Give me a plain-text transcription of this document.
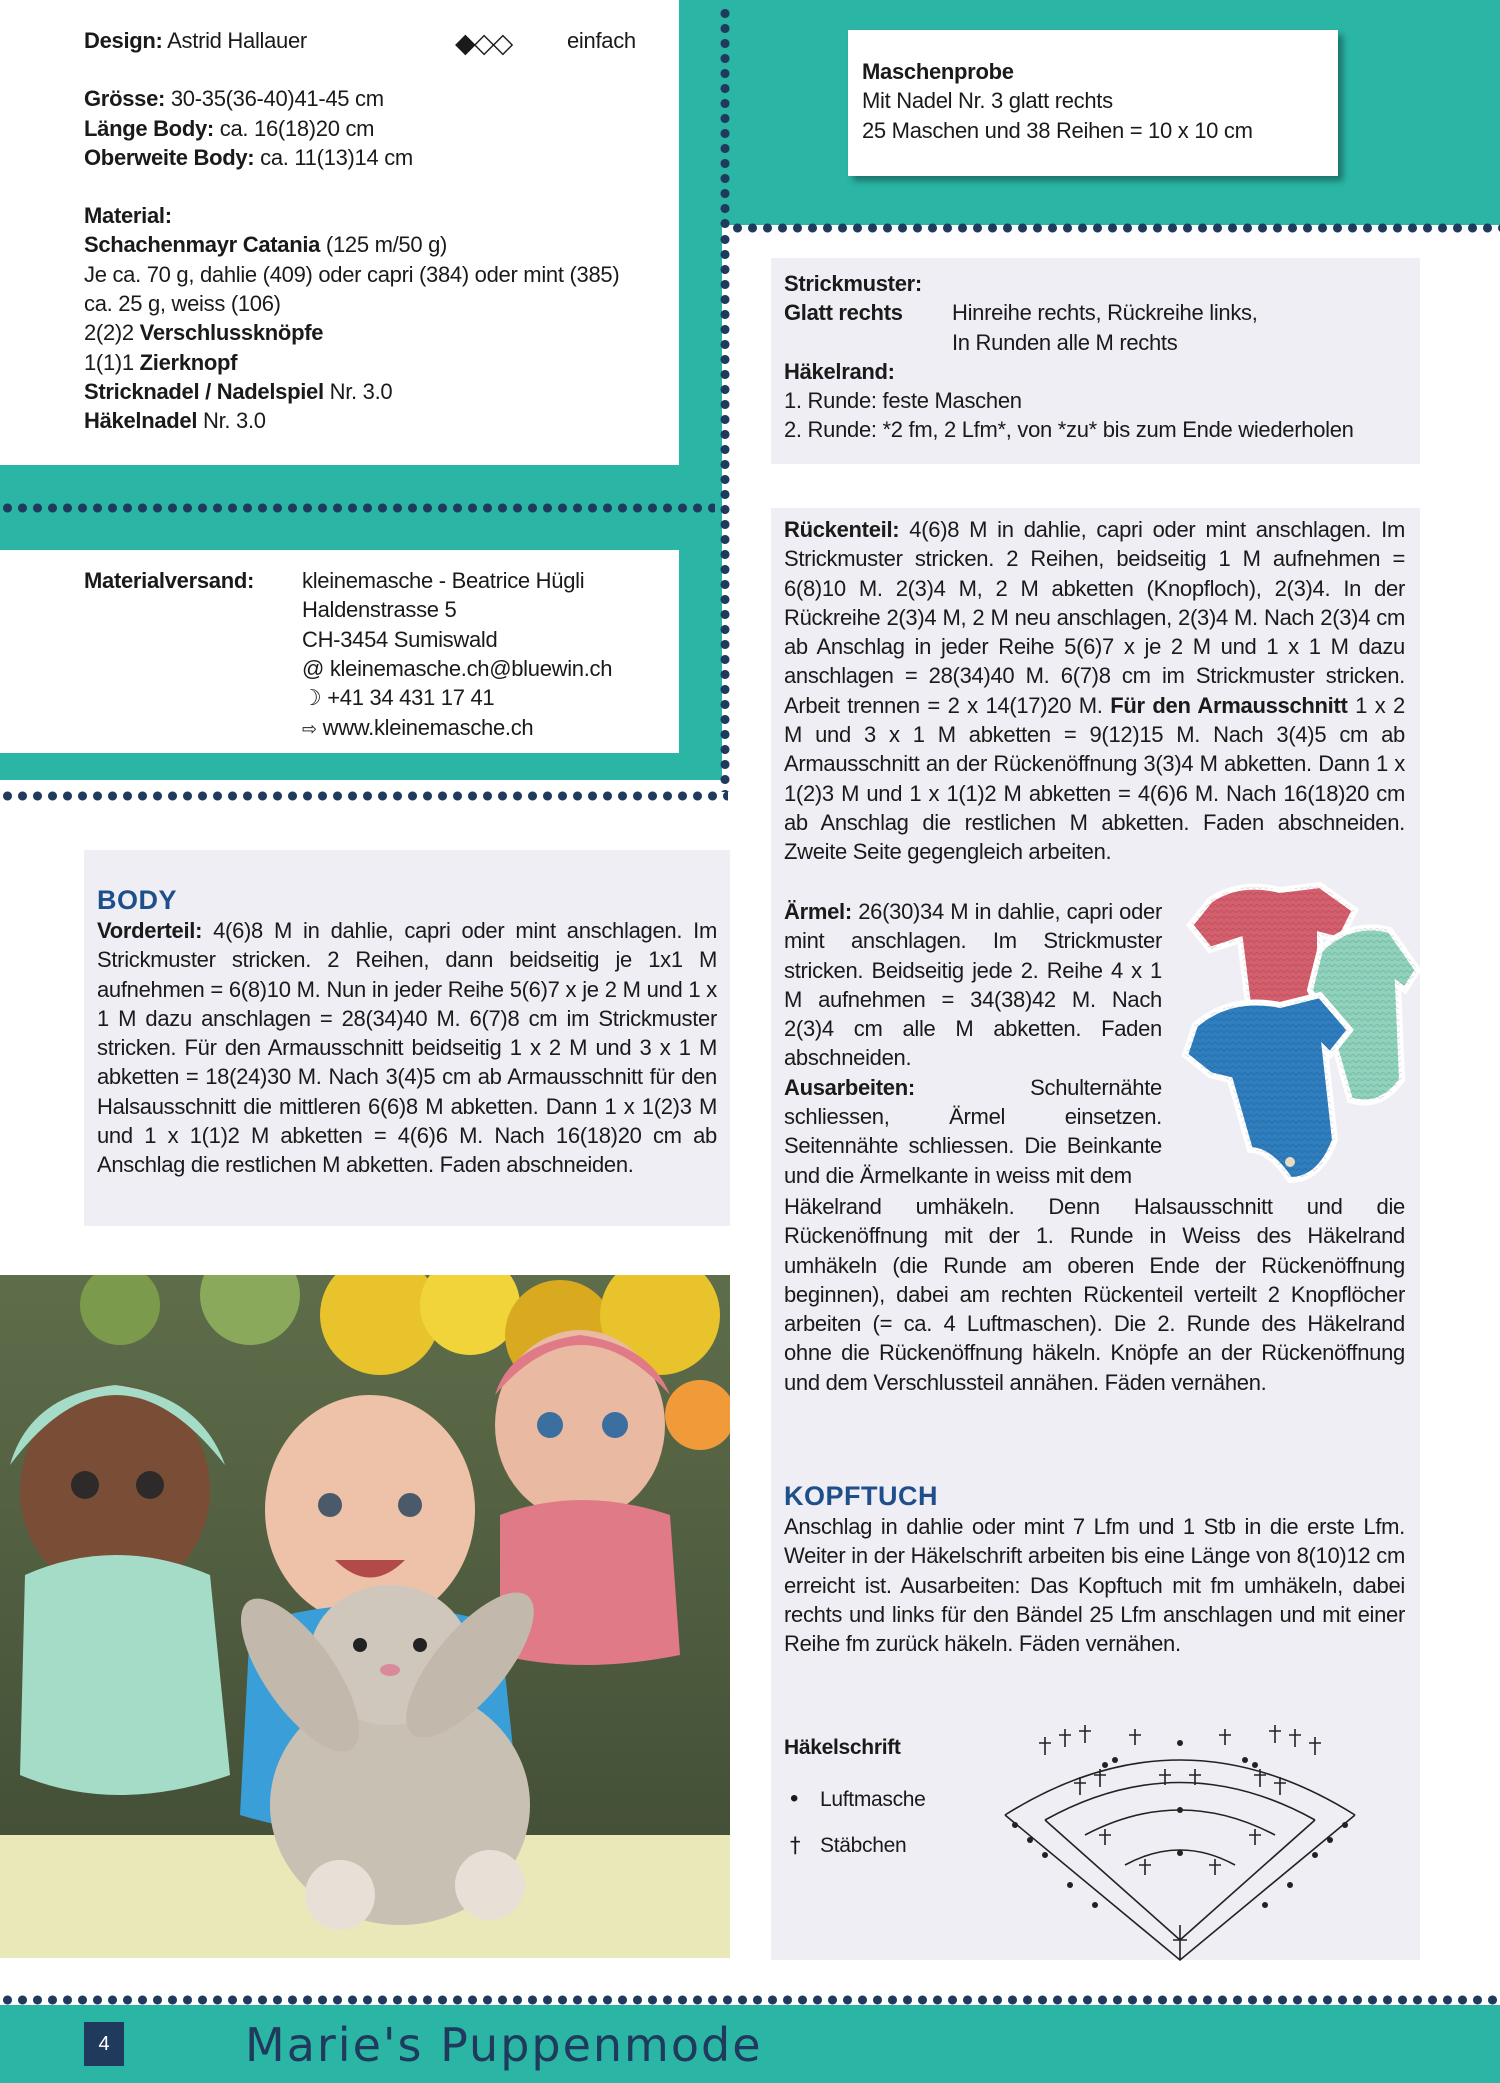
Design: Astrid Hallauer

Grösse: 30-35(36-40)41-45 cm

Länge Body: ca. 16(18)20 cm

Oberweite Body: ca. 11(13)14 cm

Material:

Schachenmayr Catania (125 m/50 g)

Je ca. 70 g, dahlie (409) oder capri (384) oder mint (385)

ca. 25 g, weiss (106)

2(2)2 Verschlussknöpfe

1(1)1 Zierknopf

Stricknadel / Nadelspiel Nr. 3.0

Häkelnadel Nr. 3.0

◆◇◇	einfach

Maschenprobe

Mit Nadel Nr. 3 glatt rechts

25 Maschen und 38 Reihen = 10 x 10 cm

Strickmuster:

Glatt rechts	Hinreihe rechts, Rückreihe links,

In Runden alle M rechts

Häkelrand:

1. Runde: feste Maschen

2. Runde: *2 fm, 2 Lfm*, von *zu* bis zum Ende wiederholen

Materialversand:	kleinemasche - Beatrice Hügli

Haldenstrasse 5

CH-3454 Sumiswald

@ kleinemasche.ch@bluewin.ch

☽ +41 34 431 17 41

⇨ www.kleinemasche.ch

BODY

Vorderteil: 4(6)8 M in dahlie, capri oder mint anschlagen. Im Strickmuster stricken. 2 Reihen, dann beidseitig je 1x1 M aufnehmen = 6(8)10 M. Nun in jeder Reihe 5(6)7 x je 2 M und 1 x 1 M dazu anschlagen = 28(34)40 M. 6(7)8 cm im Strickmuster stricken. Für den Armausschnitt beidseitig 1 x 2 M und 3 x 1 M abketten = 18(24)30 M. Nach 3(4)5 cm ab Armausschnitt für den Halsausschnitt die mittleren 6(6)8 M abketten. Dann 1 x 1(2)3 M und 1 x 1(1)2 M abketten = 4(6)6 M. Nach 16(18)20 cm ab Anschlag die restlichen M abketten. Faden abschneiden.

Rückenteil: 4(6)8 M in dahlie, capri oder mint anschlagen. Im Strickmuster stricken. 2 Reihen, beidseitig 1 M aufnehmen = 6(8)10 M. 2(3)4 M, 2 M abketten (Knopfloch), 2(3)4. In der Rückreihe 2(3)4 M, 2 M neu anschlagen, 2(3)4 M. Nach 2(3)4 cm ab Anschlag in jeder Reihe 5(6)7 x je 2 M und 1 x 1 M dazu anschlagen = 28(34)40 M. 6(7)8 cm im Strickmuster stricken. Arbeit trennen = 2 x 14(17)20 M. Für den Armausschnitt 1 x 2 M und 3 x 1 M abketten = 9(12)15 M. Nach 3(4)5 cm ab Armausschnitt an der Rückenöffnung 3(3)4 M abketten. Dann 1 x 1(2)3 M und 1 x 1(1)2 M abketten = 4(6)6 M. Nach 16(18)20 cm ab Anschlag die restlichen M abketten. Faden abschneiden. Zweite Seite gegengleich arbeiten.

Ärmel: 26(30)34 M in dahlie, capri oder mint anschlagen. Im Strickmuster stricken. Beidseitig jede 2. Reihe 4 x 1 M aufnehmen = 34(38)42 M. Nach 2(3)4 cm alle M abketten. Faden abschneiden.

Ausarbeiten: Schulternähte schliessen, Ärmel einsetzen. Seitennähte schliessen. Die Beinkante und die Ärmelkante in weiss mit dem

Häkelrand umhäkeln. Denn Halsausschnitt und die Rückenöffnung mit der 1. Runde in Weiss des Häkelrand umhäkeln (die Runde am oberen Ende der Rückenöffnung beginnen), dabei am rechten Rückenteil verteilt 2 Knopflöcher arbeiten (= ca. 4 Luftmaschen). Die 2. Runde des Häkelrand ohne die Rückenöffnung häkeln. Knöpfe an der Rückenöffnung und dem Verschlussteil annähen. Fäden vernähen.

KOPFTUCH

Anschlag in dahlie oder mint 7 Lfm und 1 Stb in die erste Lfm. Weiter in der Häkelschrift arbeiten bis eine Länge von 8(10)12 cm erreicht ist. Ausarbeiten: Das Kopftuch mit fm umhäkeln, dabei rechts und links für den Bändel 25 Lfm anschlagen und mit einer Reihe fm zurück häkeln. Fäden vernähen.

Häkelschrift
• Luftmasche
† Stäbchen
4	Marie's Puppenmode
